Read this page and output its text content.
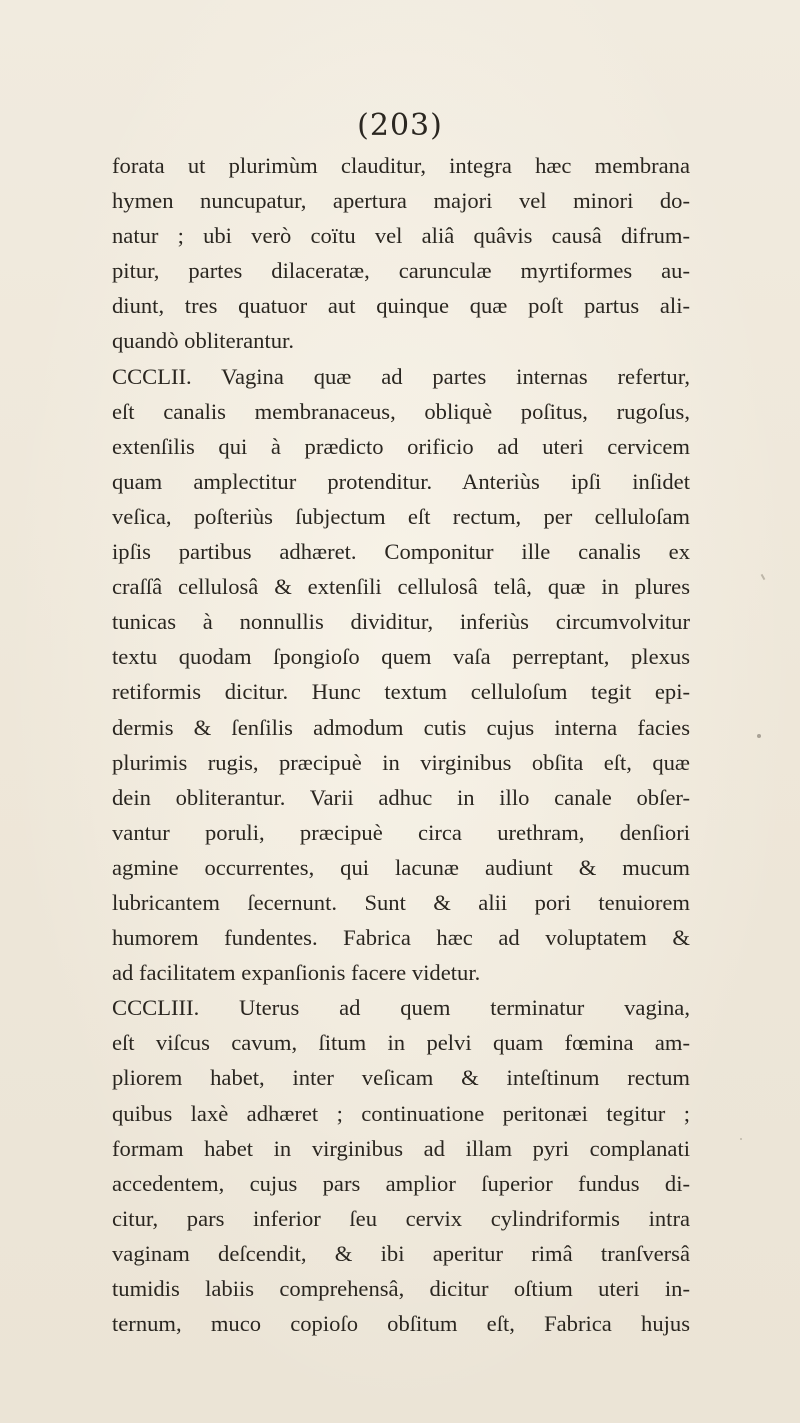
(203)
forata ut plurimùm clauditur, integra hæc membrana
hymen nuncupatur, apertura majori vel minori do-
natur ; ubi verò coïtu vel aliâ quâvis causâ difrum-
pitur, partes dilaceratæ, carunculæ myrtiformes au-
diunt, tres quatuor aut quinque quæ poſt partus ali-
quandò obliterantur.
CCCLII. Vagina quæ ad partes internas refertur,
eſt canalis membranaceus, obliquè poſitus, rugoſus,
extenſilis qui à prædicto orificio ad uteri cervicem
quam amplectitur protenditur. Anteriùs ipſi inſidet
veſica, poſteriùs ſubjectum eſt rectum, per celluloſam
ipſis partibus adhæret. Componitur ille canalis ex
craſſâ cellulosâ & extenſili cellulosâ telâ, quæ in plures
tunicas à nonnullis dividitur, inferiùs circumvolvitur
textu quodam ſpongioſo quem vaſa perreptant, plexus
retiformis dicitur. Hunc textum celluloſum tegit epi-
dermis & ſenſilis admodum cutis cujus interna facies
plurimis rugis, præcipuè in virginibus obſita eſt, quæ
dein obliterantur. Varii adhuc in illo canale obſer-
vantur poruli, præcipuè circa urethram, denſiori
agmine occurrentes, qui lacunæ audiunt & mucum
lubricantem ſecernunt. Sunt & alii pori tenuiorem
humorem fundentes. Fabrica hæc ad voluptatem &
ad facilitatem expanſionis facere videtur.
CCCLIII. Uterus ad quem terminatur vagina,
eſt viſcus cavum, ſitum in pelvi quam fœmina am-
pliorem habet, inter veſicam & inteſtinum rectum
quibus laxè adhæret ; continuatione peritonæi tegitur ;
formam habet in virginibus ad illam pyri complanati
accedentem, cujus pars amplior ſuperior fundus di-
citur, pars inferior ſeu cervix cylindriformis intra
vaginam deſcendit, & ibi aperitur rimâ tranſversâ
tumidis labiis comprehensâ, dicitur oſtium uteri in-
ternum, muco copioſo obſitum eſt, Fabrica hujus
